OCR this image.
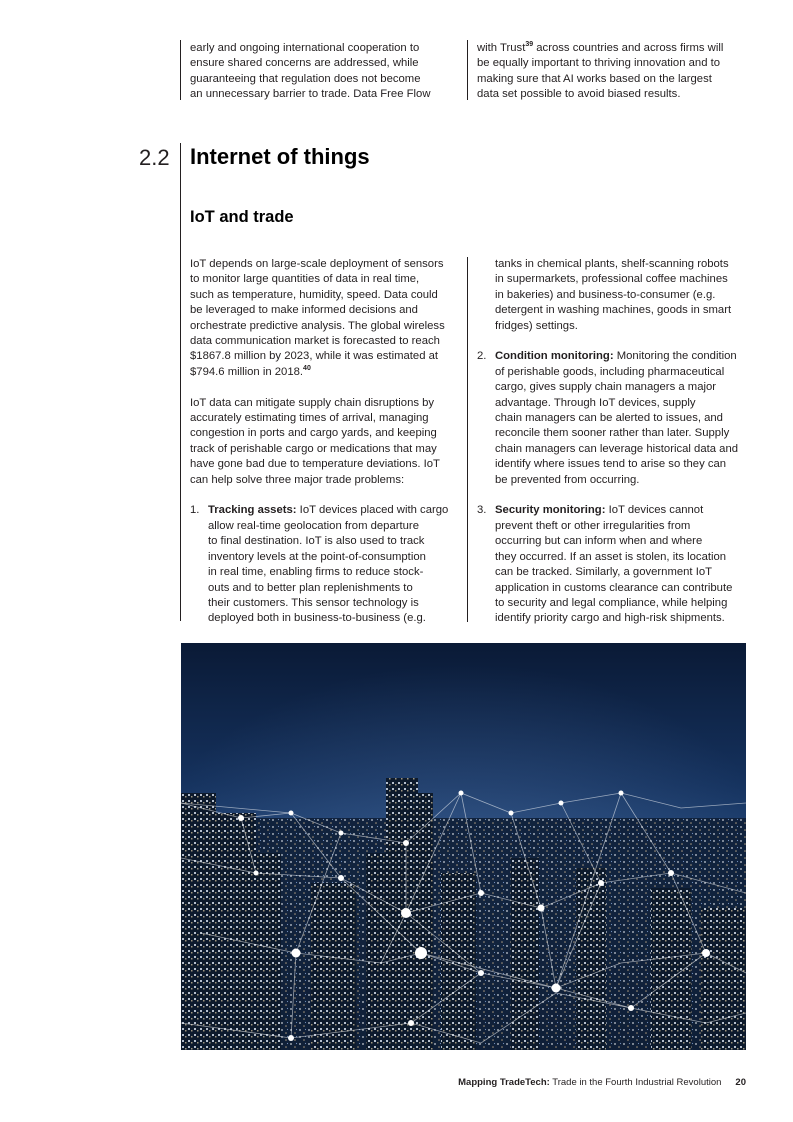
early and ongoing international cooperation to
ensure shared concerns are addressed, while
guaranteeing that regulation does not become
an unnecessary barrier to trade. Data Free Flow
with Trust$^{39}$ across countries and across firms will
be equally important to thriving innovation and to
making sure that AI works based on the largest
data set possible to avoid biased results.
2.2 Internet of things
IoT and trade
IoT depends on large-scale deployment of sensors
to monitor large quantities of data in real time,
such as temperature, humidity, speed. Data could
be leveraged to make informed decisions and
orchestrate predictive analysis. The global wireless
data communication market is forecasted to reach
$1867.8 million by 2023, while it was estimated at
$794.6 million in 2018.40
IoT data can mitigate supply chain disruptions by
accurately estimating times of arrival, managing
congestion in ports and cargo yards, and keeping
track of perishable cargo or medications that may
have gone bad due to temperature deviations. IoT
can help solve three major trade problems:
1. Tracking assets: IoT devices placed with cargo
allow real-time geolocation from departure
to final destination. IoT is also used to track
inventory levels at the point-of-consumption
in real time, enabling firms to reduce stock-
outs and to better plan replenishments to
their customers. This sensor technology is
deployed both in business-to-business (e.g.
tanks in chemical plants, shelf-scanning robots
in supermarkets, professional coffee machines
in bakeries) and business-to-consumer (e.g.
detergent in washing machines, goods in smart
fridges) settings.
2. Condition monitoring: Monitoring the condition
of perishable goods, including pharmaceutical
cargo, gives supply chain managers a major
advantage. Through IoT devices, supply
chain managers can be alerted to issues, and
reconcile them sooner rather than later. Supply
chain managers can leverage historical data and
identify where issues tend to arise so they can
be prevented from occurring.
3. Security monitoring: IoT devices cannot
prevent theft or other irregularities from
occurring but can inform when and where
they occurred. If an asset is stolen, its location
can be tracked. Similarly, a government IoT
application in customs clearance can contribute
to security and legal compliance, while helping
identify priority cargo and high-risk shipments.
Mapping TradeTech: Trade in the Fourth Industrial Revolution 20
